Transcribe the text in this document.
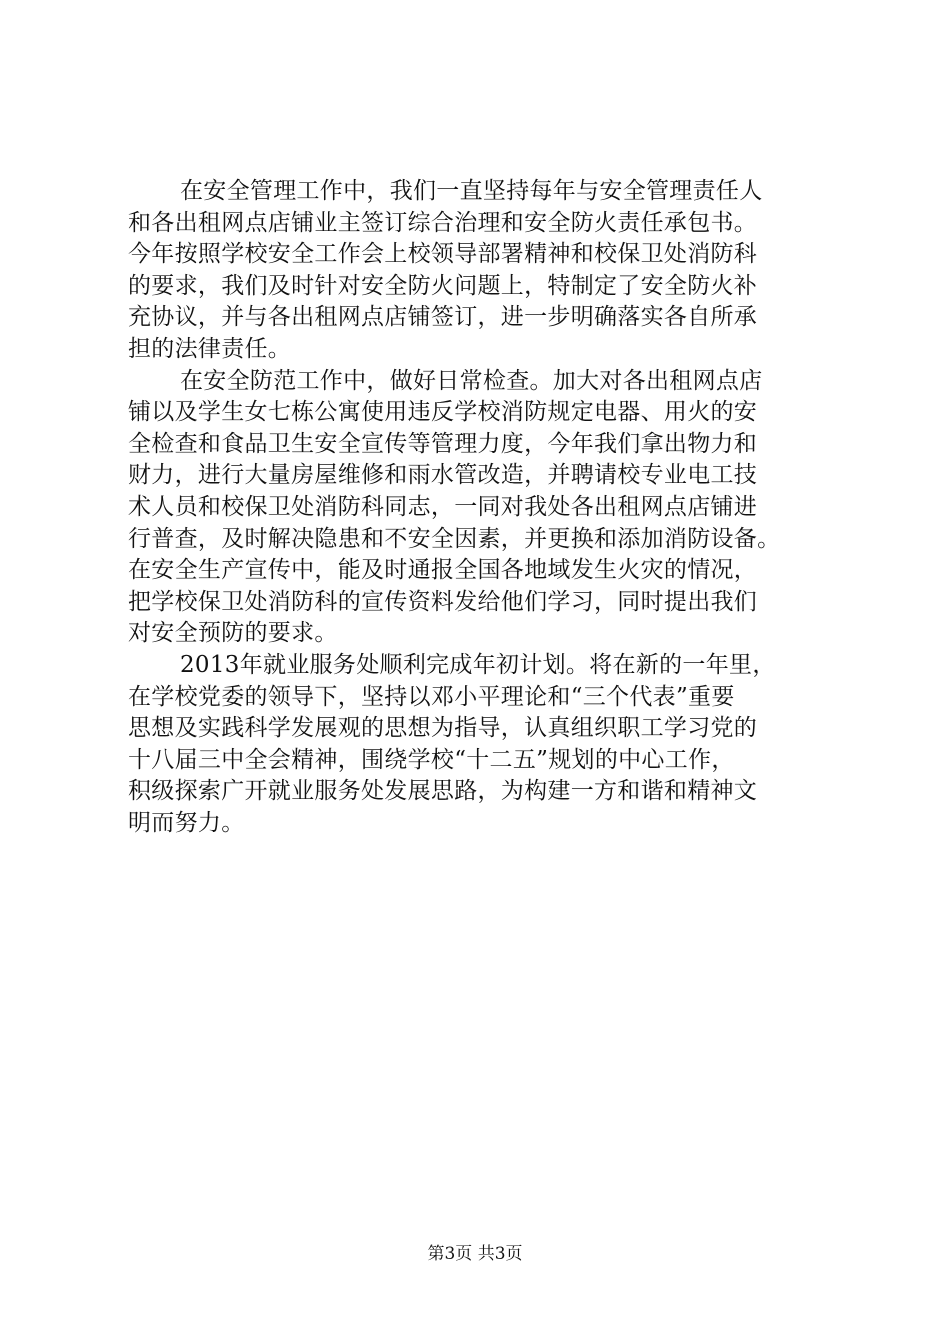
在安全管理工作中，我们一直坚持每年与安全管理责任人
和各出租网点店铺业主签订综合治理和安全防火责任承包书。
今年按照学校安全工作会上校领导部署精神和校保卫处消防科
的要求，我们及时针对安全防火问题上，特制定了安全防火补
充协议，并与各出租网点店铺签订，进一步明确落实各自所承
担的法律责任。
在安全防范工作中，做好日常检查。加大对各出租网点店
铺以及学生女七栋公寓使用违反学校消防规定电器、用火的安
全检查和食品卫生安全宣传等管理力度，今年我们拿出物力和
财力，进行大量房屋维修和雨水管改造，并聘请校专业电工技
术人员和校保卫处消防科同志，一同对我处各出租网点店铺进
行普查，及时解决隐患和不安全因素，并更换和添加消防设备。
在安全生产宣传中，能及时通报全国各地域发生火灾的情况，
把学校保卫处消防科的宣传资料发给他们学习，同时提出我们
对安全预防的要求。
2013年就业服务处顺利完成年初计划。将在新的一年里，
在学校党委的领导下，坚持以邓小平理论和“三个代表”重要
思想及实践科学发展观的思想为指导，认真组织职工学习党的
十八届三中全会精神，围绕学校“十二五”规划的中心工作，
积级探索广开就业服务处发展思路，为构建一方和谐和精神文
明而努力。
第3页 共3页
